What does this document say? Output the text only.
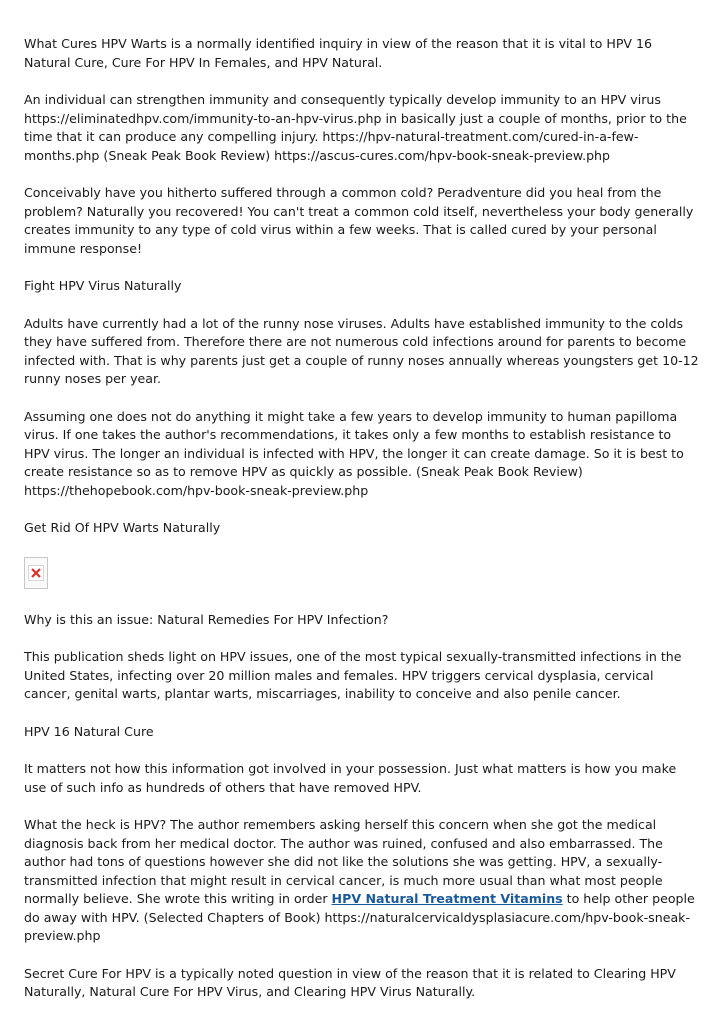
What Cures HPV Warts is a normally identified inquiry in view of the reason that it is vital to HPV 16 Natural Cure, Cure For HPV In Females, and HPV Natural.

An individual can strengthen immunity and consequently typically develop immunity to an HPV virus https://eliminatedhpv.com/immunity-to-an-hpv-virus.php in basically just a couple of months, prior to the time that it can produce any compelling injury. https://hpv-natural-treatment.com/cured-in-a-few-months.php (Sneak Peak Book Review) https://ascus-cures.com/hpv-book-sneak-preview.php

Conceivably have you hitherto suffered through a common cold? Peradventure did you heal from the problem? Naturally you recovered! You can't treat a common cold itself, nevertheless your body generally creates immunity to any type of cold virus within a few weeks. That is called cured by your personal immune response!

Fight HPV Virus Naturally

Adults have currently had a lot of the runny nose viruses. Adults have established immunity to the colds they have suffered from. Therefore there are not numerous cold infections around for parents to become infected with. That is why parents just get a couple of runny noses annually whereas youngsters get 10-12 runny noses per year.

Assuming one does not do anything it might take a few years to develop immunity to human papilloma virus. If one takes the author's recommendations, it takes only a few months to establish resistance to HPV virus. The longer an individual is infected with HPV, the longer it can create damage. So it is best to create resistance so as to remove HPV as quickly as possible. (Sneak Peak Book Review) https://thehopebook.com/hpv-book-sneak-preview.php

Get Rid Of HPV Warts Naturally

Why is this an issue: Natural Remedies For HPV Infection?

This publication sheds light on HPV issues, one of the most typical sexually-transmitted infections in the United States, infecting over 20 million males and females. HPV triggers cervical dysplasia, cervical cancer, genital warts, plantar warts, miscarriages, inability to conceive and also penile cancer.

HPV 16 Natural Cure

It matters not how this information got involved in your possession. Just what matters is how you make use of such info as hundreds of others that have removed HPV.

What the heck is HPV? The author remembers asking herself this concern when she got the medical diagnosis back from her medical doctor. The author was ruined, confused and also embarrassed. The author had tons of questions however she did not like the solutions she was getting. HPV, a sexually-transmitted infection that might result in cervical cancer, is much more usual than what most people normally believe. She wrote this writing in order HPV Natural Treatment Vitamins to help other people do away with HPV. (Selected Chapters of Book) https://naturalcervicaldysplasiacure.com/hpv-book-sneak-preview.php

Secret Cure For HPV is a typically noted question in view of the reason that it is related to Clearing HPV Naturally, Natural Cure For HPV Virus, and Clearing HPV Virus Naturally.
